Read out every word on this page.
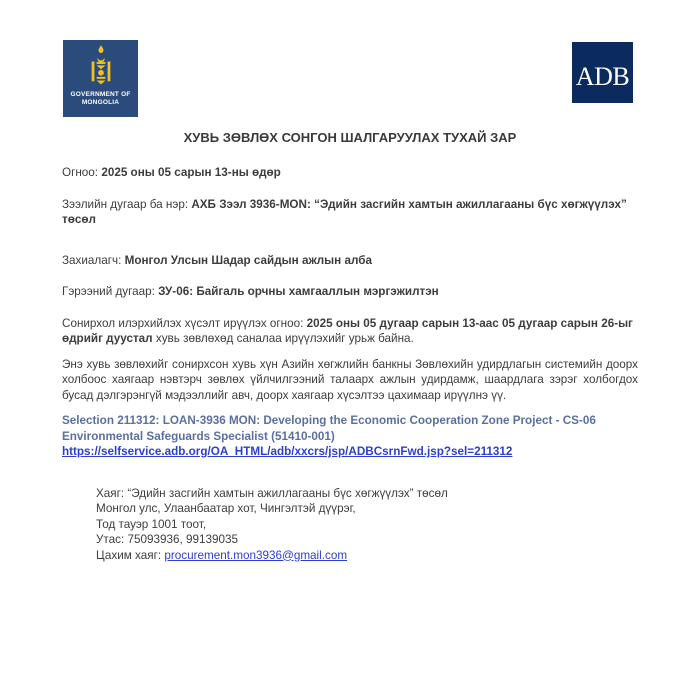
GOVERNMENT OF
MONGOLIA
ADB
ХУВЬ ЗӨВЛӨХ СОНГОН ШАЛГАРУУЛАХ ТУХАЙ ЗАР

Огноо: 2025 оны 05 сарын 13-ны өдөр

Зээлийн дугаар ба нэр: АХБ Зээл 3936-MON: “Эдийн засгийн хамтын ажиллагааны бүс хөгжүүлэх” төсөл

Захиалагч: Монгол Улсын Шадар сайдын ажлын алба

Гэрээний дугаар: ЗУ-06: Байгаль орчны хамгааллын мэргэжилтэн

Сонирхол илэрхийлэх хүсэлт ирүүлэх огноо: 2025 оны 05 дугаар сарын 13-аас 05 дугаар сарын 26-ыг өдрийг дуустал хувь зөвлөхөд саналаа ирүүлэхийг урьж байна.

Энэ хувь зөвлөхийг сонирхсон хувь хүн Азийн хөгжлийн банкны Зөвлөхийн удирдлагын системийн доорх холбоос хаягаар нэвтэрч зөвлөх үйлчилгээний талаарх ажлын удирдамж, шаардлага зэрэг холбогдох бусад дэлгэрэнгүй мэдээллийг авч, доорх хаягаар хүсэлтээ цахимаар ирүүлнэ үү.

Selection 211312: LOAN-3936 MON: Developing the Economic Cooperation Zone Project - CS-06 Environmental Safeguards Specialist (51410-001)
https://selfservice.adb.org/OA_HTML/adb/xxcrs/jsp/ADBCsrnFwd.jsp?sel=211312
Хаяг: “Эдийн засгийн хамтын ажиллагааны бүс хөгжүүлэх” төсөл
Монгол улс, Улаанбаатар хот, Чингэлтэй дүүрэг,
Тод тауэр 1001 тоот,
Утас: 75093936, 99139035
Цахим хаяг: procurement.mon3936@gmail.com
